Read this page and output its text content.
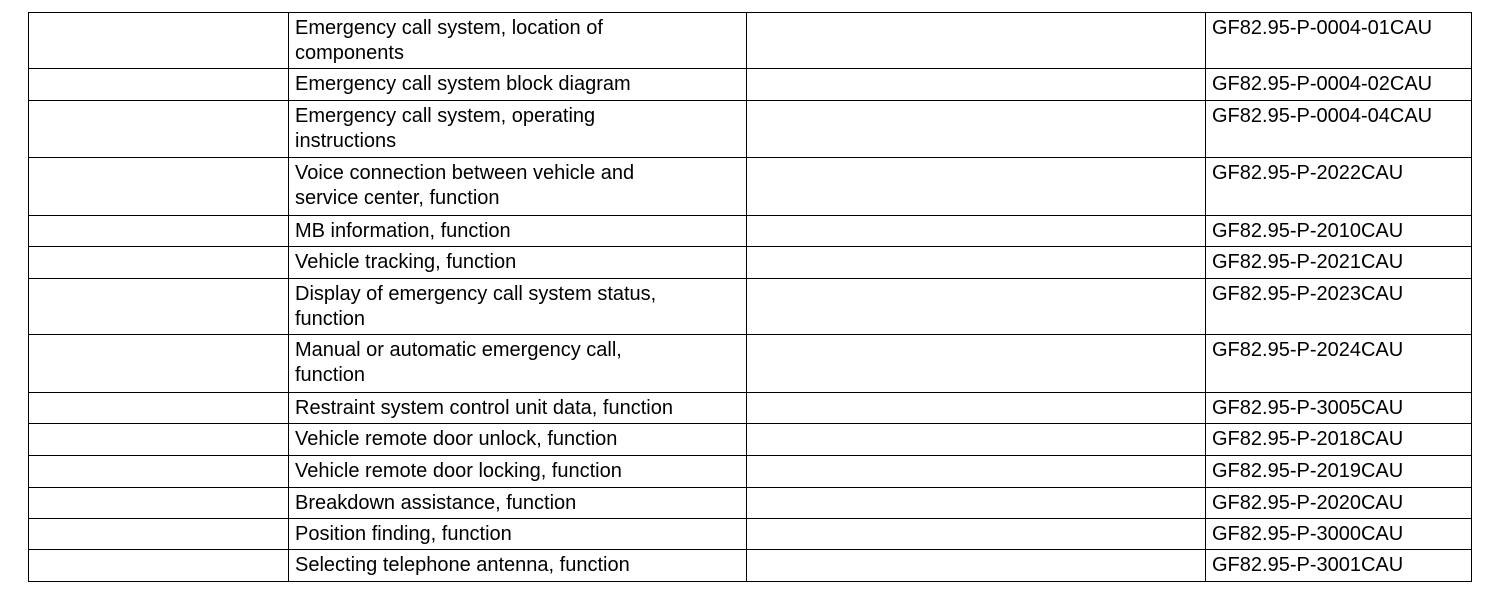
	Emergency call system, location of
components		GF82.95-P-0004-01CAU
	Emergency call system block diagram		GF82.95-P-0004-02CAU
	Emergency call system, operating
instructions		GF82.95-P-0004-04CAU
	Voice connection between vehicle and
service center, function		GF82.95-P-2022CAU
	MB information, function		GF82.95-P-2010CAU
	Vehicle tracking, function		GF82.95-P-2021CAU
	Display of emergency call system status,
function		GF82.95-P-2023CAU
	Manual or automatic emergency call,
function		GF82.95-P-2024CAU
	Restraint system control unit data, function		GF82.95-P-3005CAU
	Vehicle remote door unlock, function		GF82.95-P-2018CAU
	Vehicle remote door locking, function		GF82.95-P-2019CAU
	Breakdown assistance, function		GF82.95-P-2020CAU
	Position finding, function		GF82.95-P-3000CAU
	Selecting telephone antenna, function		GF82.95-P-3001CAU
